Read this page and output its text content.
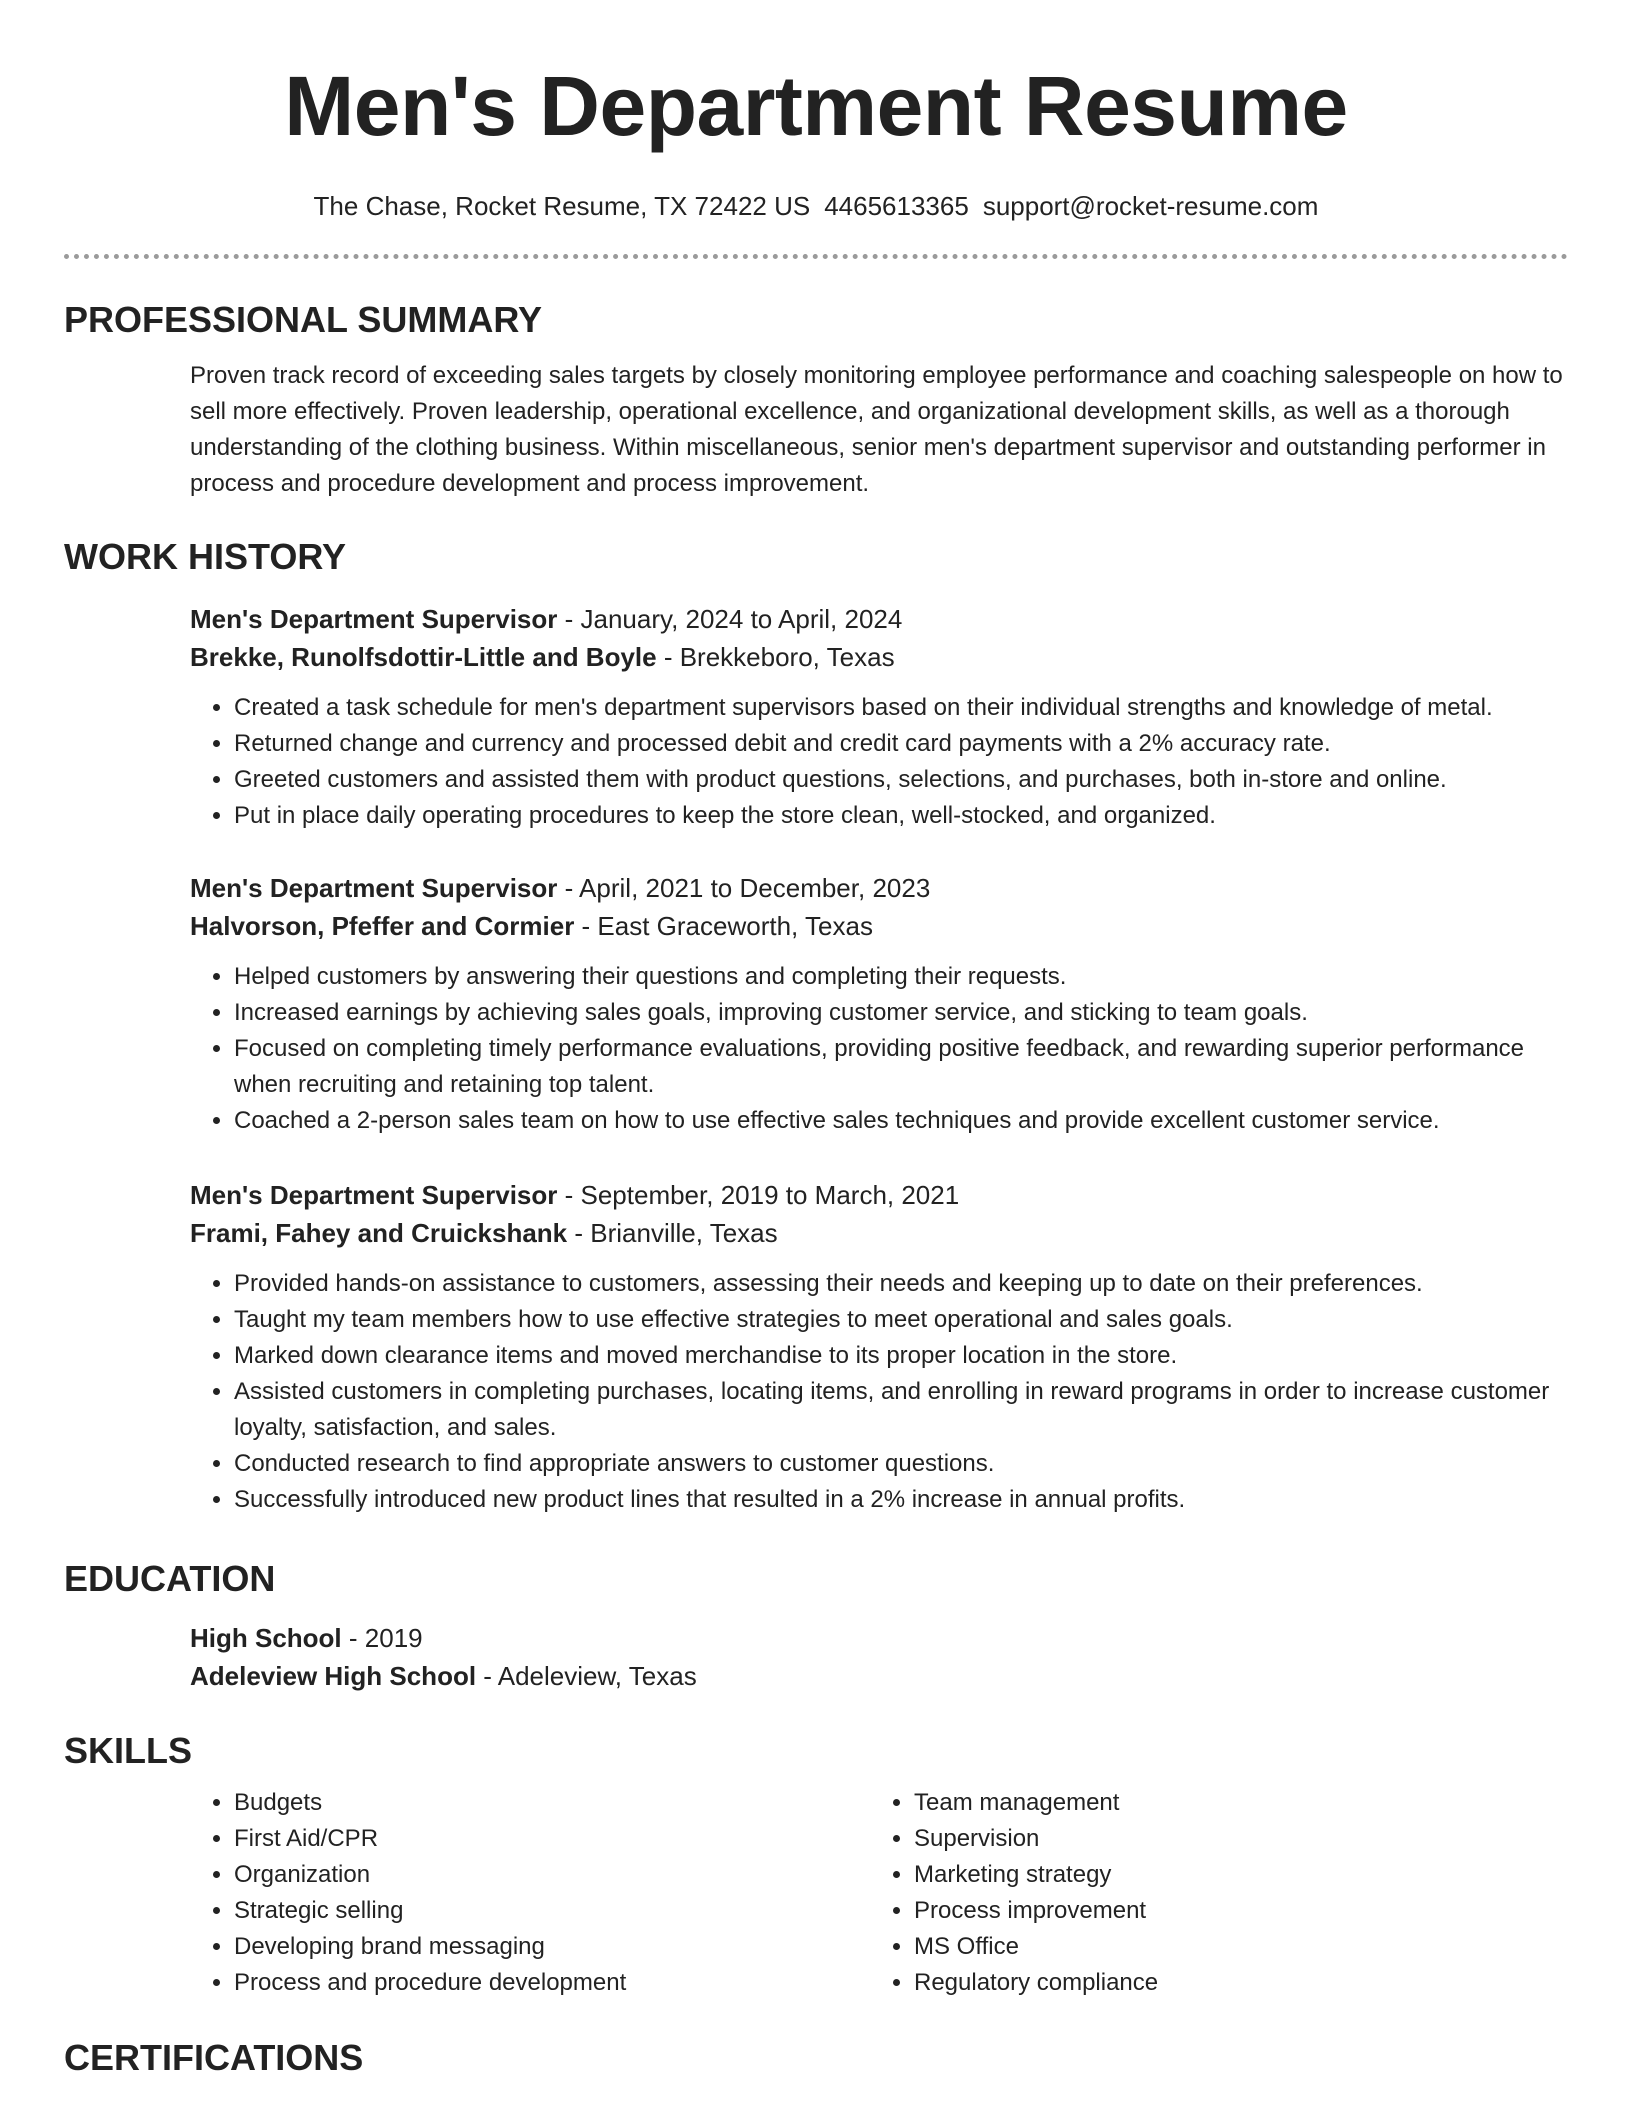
Men's Department Resume
The Chase, Rocket Resume, TX 72422 US 4465613365 support@rocket-resume.com
PROFESSIONAL SUMMARY

Proven track record of exceeding sales targets by closely monitoring employee performance and coaching salespeople on how to sell more effectively. Proven leadership, operational excellence, and organizational development skills, as well as a thorough understanding of the clothing business. Within miscellaneous, senior men's department supervisor and outstanding performer in process and procedure development and process improvement.

WORK HISTORY
Men's Department Supervisor - January, 2024 to April, 2024
Brekke, Runolfsdottir-Little and Boyle - Brekkeboro, Texas
• Created a task schedule for men's department supervisors based on their individual strengths and knowledge of metal.
• Returned change and currency and processed debit and credit card payments with a 2% accuracy rate.
• Greeted customers and assisted them with product questions, selections, and purchases, both in-store and online.
• Put in place daily operating procedures to keep the store clean, well-stocked, and organized.
Men's Department Supervisor - April, 2021 to December, 2023
Halvorson, Pfeffer and Cormier - East Graceworth, Texas
• Helped customers by answering their questions and completing their requests.
• Increased earnings by achieving sales goals, improving customer service, and sticking to team goals.
• Focused on completing timely performance evaluations, providing positive feedback, and rewarding superior performance when recruiting and retaining top talent.
• Coached a 2-person sales team on how to use effective sales techniques and provide excellent customer service.
Men's Department Supervisor - September, 2019 to March, 2021
Frami, Fahey and Cruickshank - Brianville, Texas
• Provided hands-on assistance to customers, assessing their needs and keeping up to date on their preferences.
• Taught my team members how to use effective strategies to meet operational and sales goals.
• Marked down clearance items and moved merchandise to its proper location in the store.
• Assisted customers in completing purchases, locating items, and enrolling in reward programs in order to increase customer loyalty, satisfaction, and sales.
• Conducted research to find appropriate answers to customer questions.
• Successfully introduced new product lines that resulted in a 2% increase in annual profits.
EDUCATION
High School - 2019
Adeleview High School - Adeleview, Texas
SKILLS
• Budgets
• First Aid/CPR
• Organization
• Strategic selling
• Developing brand messaging
• Process and procedure development
• Team management
• Supervision
• Marketing strategy
• Process improvement
• MS Office
• Regulatory compliance
CERTIFICATIONS
